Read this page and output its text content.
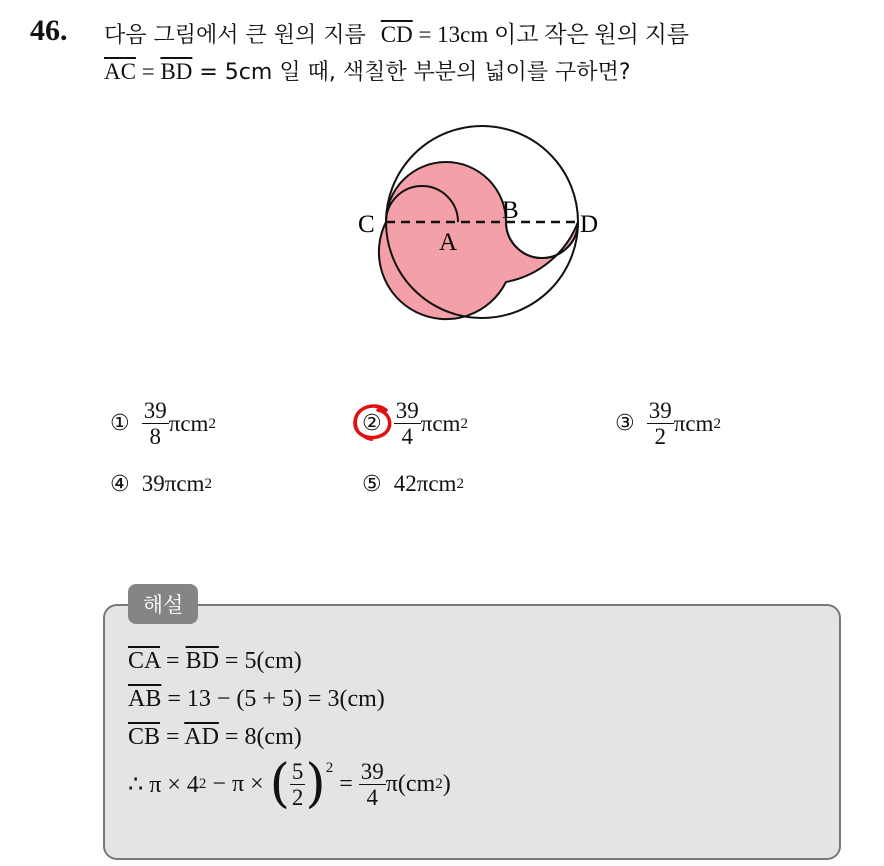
46. 다음 그림에서 큰 원의 지름 $\overline{CD} = 13cm$ 이고 작은 원의 지름
$\overline{AC} = \overline{BD} = 5cm$ 일 때, 색칠한 부분의 넓이를 구하면?
C	D
A
B
① $\frac{39}{8}$ πcm 2	② $\frac{39}{4}$ πcm 2	③ $\frac{39}{2}$ πcm 2
④ 39πcm 2	⑤ 42πcm 2
해설
$\overline{CA} = \overline{BD} = 5(cm)$
$\overline{AB} = 13 - (5 + 5) = 3(cm)$
$\overline{CB} = \overline{AD} = 8(cm)$
∴ π × 4 2 − π × ( $\frac{5}{2}$ ) 2
= $\frac{39}{4} \pi(cm$ 2 )
